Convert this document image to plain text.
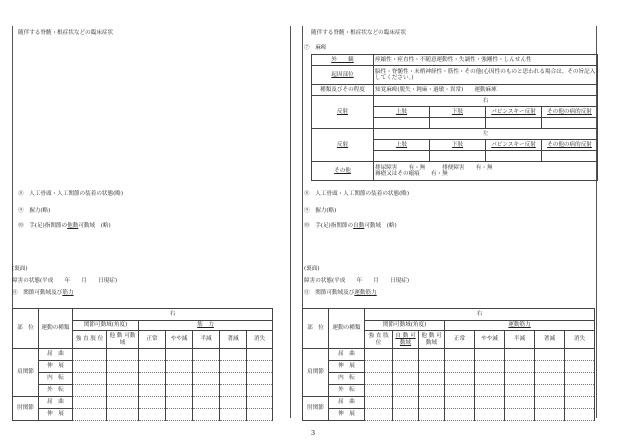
随伴する脊髄・根症状などの臨床症状
⑧　人工骨頭・人工関節の装着の状態(略)
⑨　握力(略)
⑩　手(足)指関節の他動可動域　(略)
(裏面)
障害の状態(平成　　年　　月　　日現症)
⑪　関節可動域及び筋力
部　位	運動の種類	右						
		関節可動域(角度)		筋　力				
		強 直 肢 位	他 動 可動域	正常	やや減	半減	著減	消失
肩関節	屈　曲							
	伸　展							
	内　転							
	外　転							
肘関節	屈　曲							
	伸　展							
随伴する脊髄・根症状などの臨床症状
⑦　麻痺
外　　観	痙縮性・痙直性・不随意運動性・失調性・強剛性・しんせん性			
起因部位	脳性・脊髄性・末梢神経性・筋性・その他(心因性のものと思われる場合は、その旨記入してください。)			
種類及びその程度	知覚麻痺(脱失・鈍麻・過敏・異常)　　運動麻痺			
反射	右			
	上肢	下肢	バビンスキー反射	その他の病的反射

反射	左			
	上肢	下肢	バビンスキー反射	その他の病的反射

その他	排尿障害　　有・無　　　排便障害　　有・無
褥瘡又はその瘢痕　　有・無			
⑧　人工骨頭・人工関節の装着の状態(略)
⑨　握力(略)
⑩　手(足)指関節の自動可動域　(略)
(裏面)
障害の状態(平成　　年　　月　　日現症)
⑪　関節可動域及び運動筋力
部　位	運動の種類	右							
		関節可動域(角度)			運動筋力				
		強 直 肢 位	自 動 可動域	他 動 可動域	正常	やや減	半減	著減	消失
肩関節	屈　曲								
	伸　展								
	内　転								
	外　転								
肘関節	屈　曲								
	伸　展								
3
